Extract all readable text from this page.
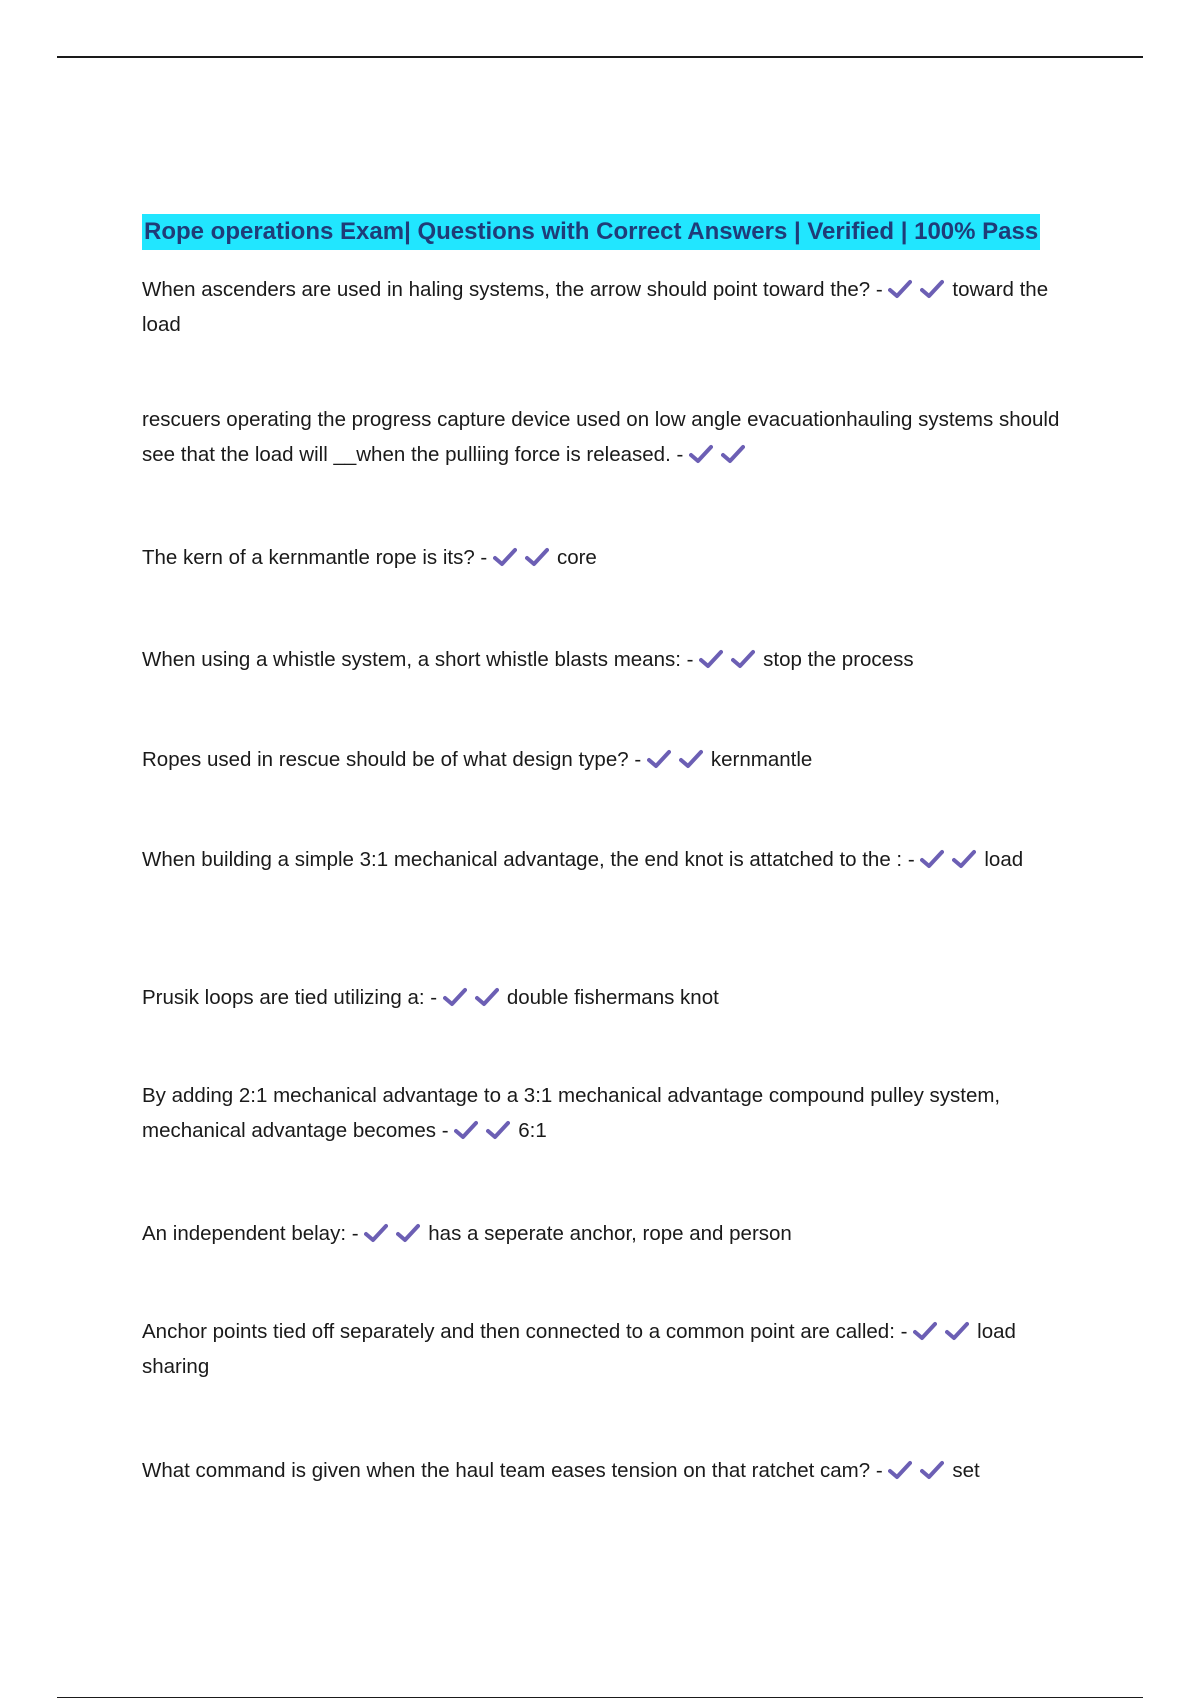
Rope operations Exam| Questions with Correct Answers | Verified | 100% Pass
When ascenders are used in haling systems, the arrow should point toward the? -	toward the load
rescuers operating the progress capture device used on low angle evacuationhauling systems should see that the load will __when the pulliing force is released. -
The kern of a kernmantle rope is its? -	core
When using a whistle system, a short whistle blasts means: -	stop the process
Ropes used in rescue should be of what design type? -	kernmantle
When building a simple 3:1 mechanical advantage, the end knot is attatched to the : -	load
Prusik loops are tied utilizing a: -	double fishermans knot
By adding 2:1 mechanical advantage to a 3:1 mechanical advantage compound pulley system, mechanical advantage becomes -	6:1
An independent belay: -	has a seperate anchor, rope and person
Anchor points tied off separately and then connected to a common point are called: -	load sharing
What command is given when the haul team eases tension on that ratchet cam? -	set
